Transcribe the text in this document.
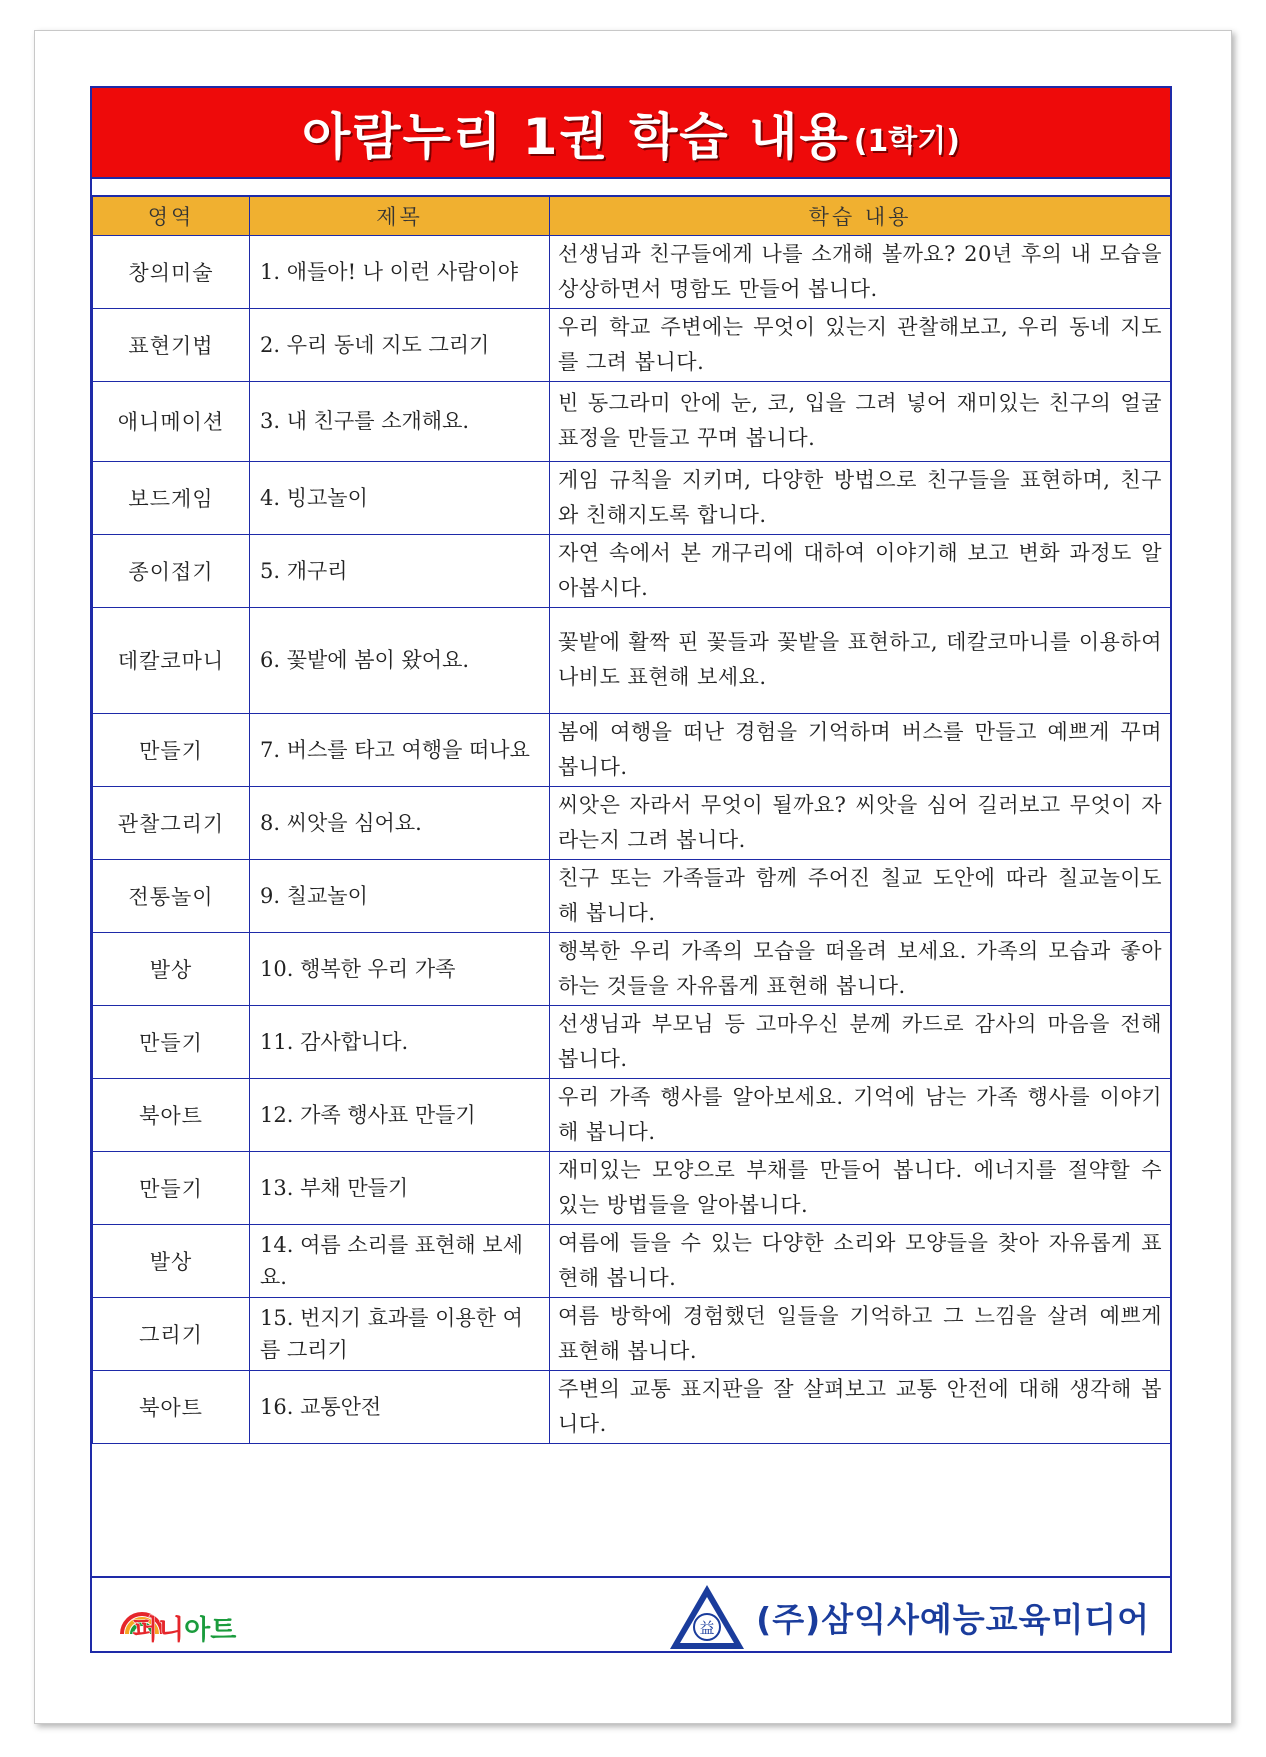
아람누리 1권 학습 내용 (1학기)
영역	제목	학습 내용
창의미술	1. 애들아! 나 이런 사람이야	선생님과 친구들에게 나를 소개해 볼까요? 20년 후의 내 모습을 상상하면서 명함도 만들어 봅니다.
표현기법	2. 우리 동네 지도 그리기	우리 학교 주변에는 무엇이 있는지 관찰해보고, 우리 동네 지도를 그려 봅니다.
애니메이션	3. 내 친구를 소개해요.	빈 동그라미 안에 눈, 코, 입을 그려 넣어 재미있는 친구의 얼굴 표정을 만들고 꾸며 봅니다.
보드게임	4. 빙고놀이	게임 규칙을 지키며, 다양한 방법으로 친구들을 표현하며, 친구와 친해지도록 합니다.
종이접기	5. 개구리	자연 속에서 본 개구리에 대하여 이야기해 보고 변화 과정도 알아봅시다.
데칼코마니	6. 꽃밭에 봄이 왔어요.	꽃밭에 활짝 핀 꽃들과 꽃밭을 표현하고, 데칼코마니를 이용하여 나비도 표현해 보세요.
만들기	7. 버스를 타고 여행을 떠나요	봄에 여행을 떠난 경험을 기억하며 버스를 만들고 예쁘게 꾸며 봅니다.
관찰그리기	8. 씨앗을 심어요.	씨앗은 자라서 무엇이 될까요? 씨앗을 심어 길러보고 무엇이 자라는지 그려 봅니다.
전통놀이	9. 칠교놀이	친구 또는 가족들과 함께 주어진 칠교 도안에 따라 칠교놀이도 해 봅니다.
발상	10. 행복한 우리 가족	행복한 우리 가족의 모습을 떠올려 보세요. 가족의 모습과 좋아하는 것들을 자유롭게 표현해 봅니다.
만들기	11. 감사합니다.	선생님과 부모님 등 고마우신 분께 카드로 감사의 마음을 전해 봅니다.
북아트	12. 가족 행사표 만들기	우리 가족 행사를 알아보세요. 기억에 남는 가족 행사를 이야기해 봅니다.
만들기	13. 부채 만들기	재미있는 모양으로 부채를 만들어 봅니다. 에너지를 절약할 수 있는 방법들을 알아봅니다.
발상	14. 여름 소리를 표현해 보세요.	여름에 들을 수 있는 다양한 소리와 모양들을 찾아 자유롭게 표현해 봅니다.
그리기	15. 번지기 효과를 이용한 여름 그리기	여름 방학에 경험했던 일들을 기억하고 그 느낌을 살려 예쁘게 표현해 봅니다.
북아트	16. 교통안전	주변의 교통 표지판을 잘 살펴보고 교통 안전에 대해 생각해 봅니다.
퍼니아트	益 (주)삼익사예능교육미디어
